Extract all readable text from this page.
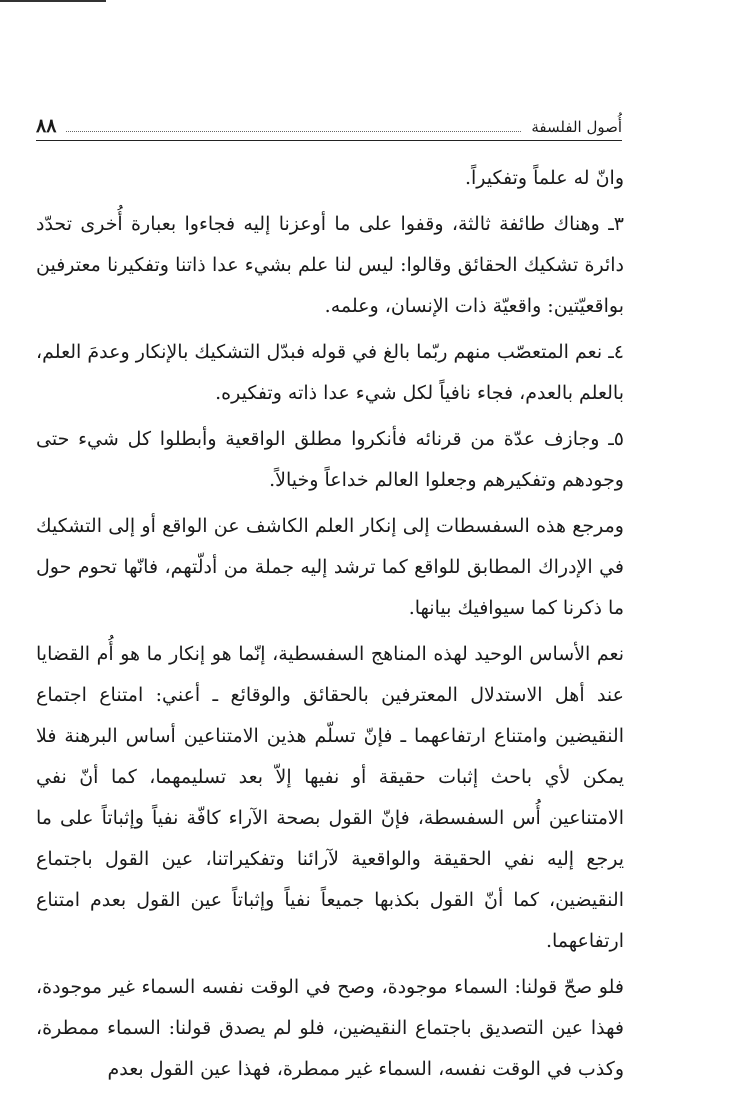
٨٨	أُصول الفلسفة

وانّ له علماً وتفكيراً.

٣ـ وهناك طائفة ثالثة، وقفوا على ما أوعزنا إليه فجاءوا بعبارة أُخرى تحدّد دائرة تشكيك الحقائق وقالوا: ليس لنا علم بشيء عدا ذاتنا وتفكيرنا معترفين بواقعيّتين: واقعيّة ذات الإنسان، وعلمه.

٤ـ نعم المتعصّب منهم ربّما بالغ في قوله فبدّل التشكيك بالإنكار وعدمَ العلم، بالعلم بالعدم، فجاء نافياً لكل شيء عدا ذاته وتفكيره.

٥ـ وجازف عدّة من قرنائه فأنكروا مطلق الواقعية وأبطلوا كل شيء حتى وجودهم وتفكيرهم وجعلوا العالم خداعاً وخيالاً.

ومرجع هذه السفسطات إلى إنكار العلم الكاشف عن الواقع أو إلى التشكيك في الإدراك المطابق للواقع كما ترشد إليه جملة من أدلّتهم، فانّها تحوم حول ما ذكرنا كما سيوافيك بيانها.

نعم الأساس الوحيد لهذه المناهج السفسطية، إنّما هو إنكار ما هو أُم القضايا عند أهل الاستدلال المعترفين بالحقائق والوقائع ـ أعني: امتناع اجتماع النقيضين وامتناع ارتفاعهما ـ فإنّ تسلّم هذين الامتناعين أساس البرهنة فلا يمكن لأي باحث إثبات حقيقة أو نفيها إلاّ بعد تسليمهما، كما أنّ نفي الامتناعين أُس السفسطة، فإنّ القول بصحة الآراء كافّة نفياً وإثباتاً على ما يرجع إليه نفي الحقيقة والواقعية لآرائنا وتفكيراتنا، عين القول باجتماع النقيضين، كما أنّ القول بكذبها جميعاً نفياً وإثباتاً عين القول بعدم امتناع ارتفاعهما.

فلو صحّ قولنا: السماء موجودة، وصح في الوقت نفسه السماء غير موجودة، فهذا عين التصديق باجتماع النقيضين، فلو لم يصدق قولنا: السماء ممطرة، وكذب في الوقت نفسه، السماء غير ممطرة، فهذا عين القول بعدم
